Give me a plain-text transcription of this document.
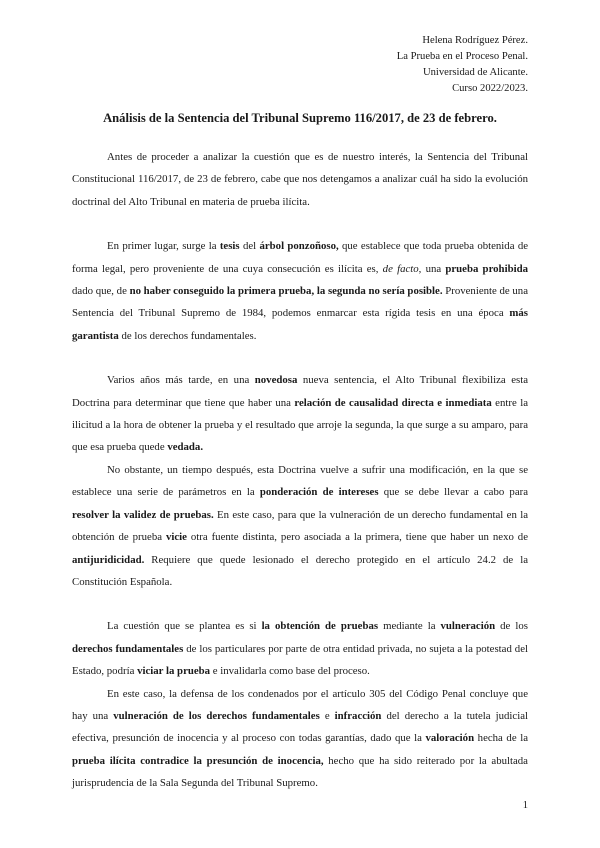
Helena Rodríguez Pérez.
La Prueba en el Proceso Penal.
Universidad de Alicante.
Curso 2022/2023.
Análisis de la Sentencia del Tribunal Supremo 116/2017, de 23 de febrero.

Antes de proceder a analizar la cuestión que es de nuestro interés, la Sentencia del Tribunal Constitucional 116/2017, de 23 de febrero, cabe que nos detengamos a analizar cuál ha sido la evolución doctrinal del Alto Tribunal en materia de prueba ilícita.

En primer lugar, surge la tesis del árbol ponzoñoso, que establece que toda prueba obtenida de forma legal, pero proveniente de una cuya consecución es ilícita es, de facto, una prueba prohibida dado que, de no haber conseguido la primera prueba, la segunda no sería posible. Proveniente de una Sentencia del Tribunal Supremo de 1984, podemos enmarcar esta rígida tesis en una época más garantista de los derechos fundamentales.

Varios años más tarde, en una novedosa nueva sentencia, el Alto Tribunal flexibiliza esta Doctrina para determinar que tiene que haber una relación de causalidad directa e inmediata entre la ilicitud a la hora de obtener la prueba y el resultado que arroje la segunda, la que surge a su amparo, para que esa prueba quede vedada.

No obstante, un tiempo después, esta Doctrina vuelve a sufrir una modificación, en la que se establece una serie de parámetros en la ponderación de intereses que se debe llevar a cabo para resolver la validez de pruebas. En este caso, para que la vulneración de un derecho fundamental en la obtención de prueba vicie otra fuente distinta, pero asociada a la primera, tiene que haber un nexo de antijuridicidad. Requiere que quede lesionado el derecho protegido en el artículo 24.2 de la Constitución Española.

La cuestión que se plantea es si la obtención de pruebas mediante la vulneración de los derechos fundamentales de los particulares por parte de otra entidad privada, no sujeta a la potestad del Estado, podría viciar la prueba e invalidarla como base del proceso.

En este caso, la defensa de los condenados por el artículo 305 del Código Penal concluye que hay una vulneración de los derechos fundamentales e infracción del derecho a la tutela judicial efectiva, presunción de inocencia y al proceso con todas garantías, dado que la valoración hecha de la prueba ilícita contradice la presunción de inocencia, hecho que ha sido reiterado por la abultada jurisprudencia de la Sala Segunda del Tribunal Supremo.

1
